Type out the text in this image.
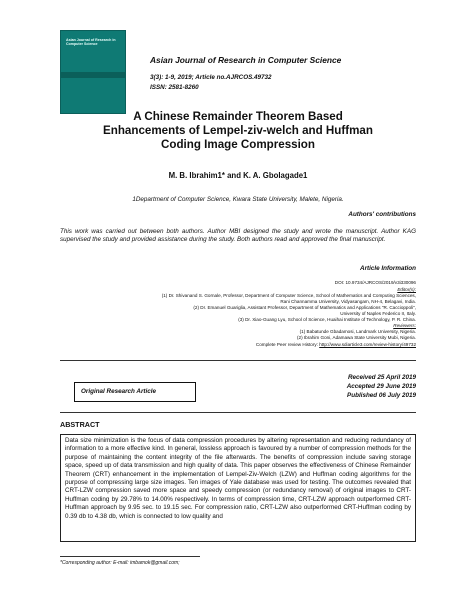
Asian Journal of Research in Computer Science
Asian Journal of Research in Computer Science
3(3): 1-9, 2019; Article no.AJRCOS.49732
ISSN: 2581-8260
A Chinese Remainder Theorem Based
Enhancements of Lempel-ziv-welch and Huffman
Coding Image Compression
M. B. Ibrahim1* and K. A. Gbolagade1
1Department of Computer Science, Kwara State University, Malete, Nigeria.
Authors' contributions
This work was carried out between both authors. Author MBI designed the study and wrote the manuscript. Author KAG supervised the study and provided assistance during the study. Both authors read and approved the final manuscript.
Article Information
DOI: 10.9734/AJRCOS/2019/v3i330096
Editor(s):
(1) Dr. Shivanand S. Gornale, Professor, Department of Computer Science, School of Mathematics and Computing Sciences,
Rani Channamma University, Vidyasangam, NH-4, Belagavi, India.
(2) Dr. Emanuel Guariglia, Assistant Professor, Department of Mathematics and Applications "R. Caccioppoli",
University of Naples Federico II, Italy.
(3) Dr. Xiao-Guang Lyu, School of Science, Huaihai Institute of Technology, P. R. China.
Reviewers:
(1) Babatunde Gbadamosi, Landmark University, Nigeria.
(2) Ibrahim Goni, Adamawa State University Mubi, Nigeria.
Complete Peer review History: http://www.sdiarticle3.com/review-history/49732
Original Research Article
Received 25 April 2019
Accepted 29 June 2019
Published 06 July 2019
ABSTRACT
Data size minimization is the focus of data compression procedures by altering representation and reducing redundancy of information to a more effective kind. In general, lossless approach is favoured by a number of compression methods for the purpose of maintaining the content integrity of the file afterwards. The benefits of compression include saving storage space, speed up of data transmission and high quality of data. This paper observes the effectiveness of Chinese Remainder Theorem (CRT) enhancement in the implementation of Lempel-Ziv-Welch (LZW) and Huffman coding algorithms for the purpose of compressing large size images. Ten images of Yale database was used for testing. The outcomes revealed that CRT-LZW compression saved more space and speedy compression (or redundancy removal) of original images to CRT-Huffman coding by 29.78% to 14.00% respectively. In terms of compression time, CRT-LZW approach outperformed CRT-Huffman approach by 9.95 sec. to 19.15 sec. For compression ratio, CRT-LZW also outperformed CRT-Huffman coding by 0.39 db to 4.38 db, which is connected to low quality and
*Corresponding author: E-mail: imbamok@gmail.com;
